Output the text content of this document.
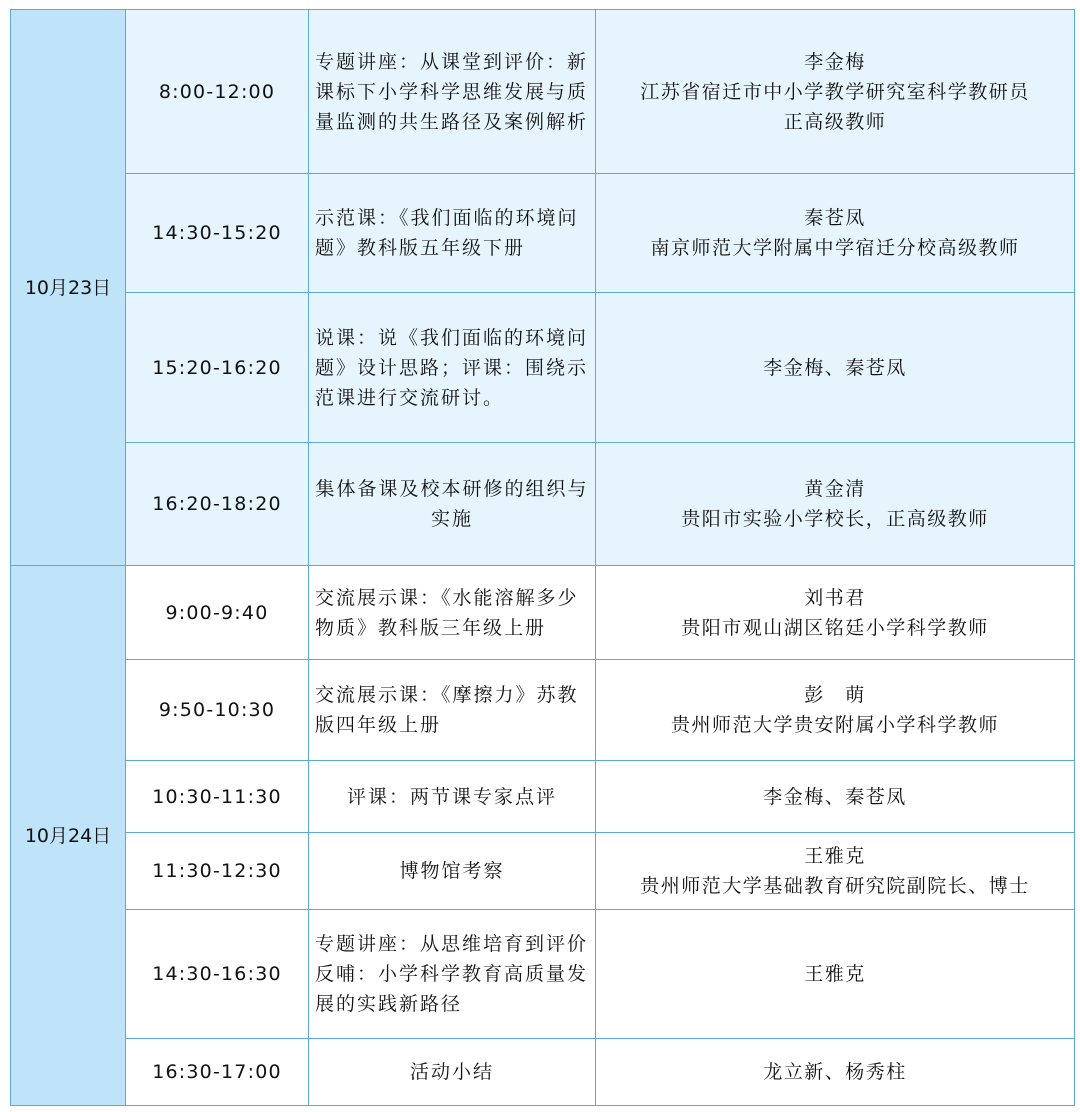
10月23日	8:00-12:00	专题讲座：从课堂到评价：新课标下小学科学思维发展与质量监测的共生路径及案例解析	李金梅
江苏省宿迁市中小学教学研究室科学教研员
正高级教师

	14:30-15:20	示范课：《我们面临的环境问题》教科版五年级下册	秦苍凤
南京师范大学附属中学宿迁分校高级教师

	15:20-16:20	说课：说《我们面临的环境问题》设计思路；评课：围绕示范课进行交流研讨。	李金梅、秦苍凤

	16:20-18:20	集体备课及校本研修的组织与实施	黄金清
贵阳市实验小学校长，正高级教师

10月24日	9:00-9:40	交流展示课：《水能溶解多少物质》教科版三年级上册	刘书君
贵阳市观山湖区铭廷小学科学教师

	9:50-10:30	交流展示课：《摩擦力》苏教版四年级上册	彭　萌
贵州师范大学贵安附属小学科学教师

	10:30-11:30	评课：两节课专家点评	李金梅、秦苍凤

	11:30-12:30	博物馆考察	王雅克
贵州师范大学基础教育研究院副院长、博士

	14:30-16:30	专题讲座：从思维培育到评价反哺：小学科学教育高质量发展的实践新路径	王雅克

	16:30-17:00	活动小结	龙立新、杨秀柱
